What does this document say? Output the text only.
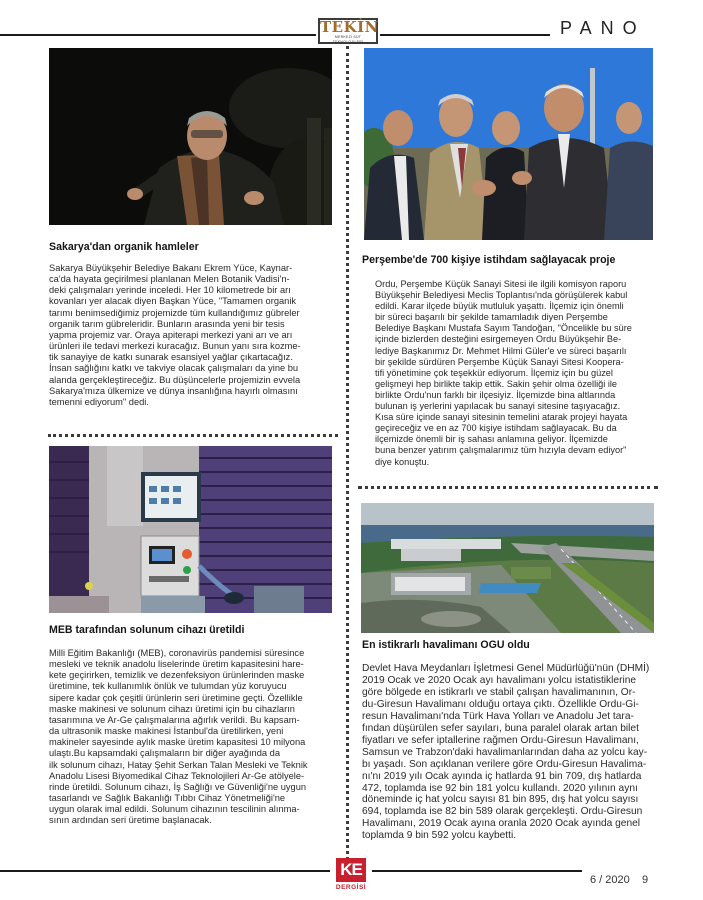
TEKİN
MERKEZİ SÜT TEKNOLOJİLERİ
PANO
Sakarya'dan organik hamleler
Sakarya Büyükşehir Belediye Bakanı Ekrem Yüce, Kaynar-
ca'da hayata geçirilmesi planlanan Melen Botanik Vadisi'n-
deki çalışmaları yerinde inceledi. Her 10 kilometrede bir arı
kovanları yer alacak diyen Başkan Yüce, "Tamamen organik
tarımı benimsediğimiz projemizde tüm kullandığımız gübreler
organik tarım gübreleridir. Bunların arasında yeni bir tesis
yapma projemiz var. Oraya apiterapi merkezi yani arı ve arı
ürünleri ile tedavi merkezi kuracağız. Bunun yanı sıra kozme-
tik sanayiye de katkı sunarak esansiyel yağlar çıkartacağız.
İnsan sağlığını katkı ve takviye olacak çalışmaları da yine bu
alanda gerçekleştireceğiz. Bu düşüncelerle projemizin evvela
Sakarya'mıza ülkemize ve dünya insanlığına hayırlı olmasını
temenni ediyorum" dedi.
MEB tarafından solunum cihazı üretildi
Milli Eğitim Bakanlığı (MEB), coronavirüs pandemisi süresince
mesleki ve teknik anadolu liselerinde üretim kapasitesini hare-
kete geçirirken, temizlik ve dezenfeksiyon ürünlerinden maske
üretimine, tek kullanımlık önlük ve tulumdan yüz koruyucu
sipere kadar çok çeşitli ürünlerin seri üretimine geçti. Özellikle
maske makinesi ve solunum cihazı üretimi için bu cihazların
tasarımına ve Ar-Ge çalışmalarına ağırlık verildi. Bu kapsam-
da ultrasonik maske makinesi İstanbul'da üretilirken, yeni
makineler sayesinde aylık maske üretim kapasitesi 10 milyona
ulaştı.Bu kapsamdaki çalışmaların bir diğer ayağında da
ilk solunum cihazı, Hatay Şehit Serkan Talan Mesleki ve Teknik
Anadolu Lisesi Biyomedikal Cihaz Teknolojileri Ar-Ge atölyele-
rinde üretildi. Solunum cihazı, İş Sağlığı ve Güvenliği'ne uygun
tasarlandı ve Sağlık Bakanlığı Tıbbı Cihaz Yönetmeliği'ne
uygun olarak imal edildi. Solunum cihazının tescilinin alınma-
sının ardından seri üretime başlanacak.
Perşembe'de 700 kişiye istihdam sağlayacak proje
Ordu, Perşembe Küçük Sanayi Sitesi ile ilgili komisyon raporu
Büyükşehir Belediyesi Meclis Toplantısı'nda görüşülerek kabul
edildi. Karar ilçede büyük mutluluk yaşattı. İlçemiz için önemli
bir süreci başarılı bir şekilde tamamladık diyen Perşembe
Belediye Başkanı Mustafa Sayım Tandoğan, "Öncelikle bu süre
içinde bizlerden desteğini esirgemeyen Ordu Büyükşehir Be-
lediye Başkanımız Dr. Mehmet Hilmi Güler'e ve süreci başarılı
bir şekilde sürdüren Perşembe Küçük Sanayi Sitesi Koopera-
tifi yönetimine çok teşekkür ediyorum. İlçemiz için bu güzel
gelişmeyi hep birlikte takip ettik. Sakin şehir olma özelliği ile
birlikte Ordu'nun farklı bir ilçesiyiz. İlçemizde bina altlarında
bulunan iş yerlerini yapılacak bu sanayi sitesine taşıyacağız.
Kısa süre içinde sanayi sitesinin temelini atarak projeyi hayata
geçireceğiz ve en az 700 kişiye istihdam sağlayacak. Bu da
ilçemizde önemli bir iş sahası anlamına geliyor. İlçemizde
buna benzer yatırım çalışmalarımız tüm hızıyla devam ediyor"
diye konuştu.
En istikrarlı havalimanı OGU oldu
Devlet Hava Meydanları İşletmesi Genel Müdürlüğü'nün (DHMİ)
2019 Ocak ve 2020 Ocak ayı havalimanı yolcu istatistiklerine
göre bölgede en istikrarlı ve stabil çalışan havalimanının, Or-
du-Giresun Havalimanı olduğu ortaya çıktı. Özellikle Ordu-Gi-
resun Havalimanı'nda Türk Hava Yolları ve Anadolu Jet tara-
fından düşürülen sefer sayıları, buna paralel olarak artan bilet
fiyatları ve sefer iptallerine rağmen Ordu-Giresun Havalimanı,
Samsun ve Trabzon'daki havalimanlarından daha az yolcu kay-
bı yaşadı. Son açıklanan verilere göre Ordu-Giresun Havalima-
nı'nı 2019 yılı Ocak ayında iç hatlarda 91 bin 709, dış hatlarda
472, toplamda ise 92 bin 181 yolcu kullandı. 2020 yılının aynı
döneminde iç hat yolcu sayısı 81 bin 895, dış hat yolcu sayısı
694, toplamda ise 82 bin 589 olarak gerçekleşti. Ordu-Giresun
Havalimanı, 2019 Ocak ayına oranla 2020 Ocak ayında genel
toplamda 9 bin 592 yolcu kaybetti.
KE
DERGİSİ
6 / 2020    9
